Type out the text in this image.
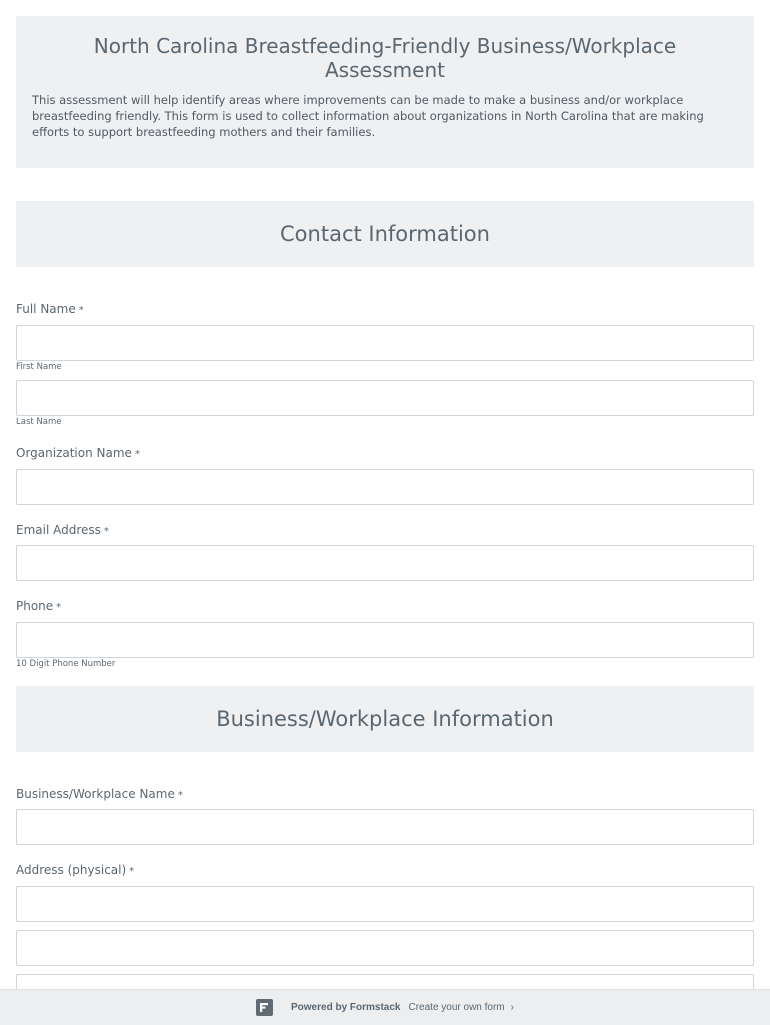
North Carolina Breastfeeding-Friendly Business/Workplace Assessment

This assessment will help identify areas where improvements can be made to make a business and/or workplace breastfeeding friendly. This form is used to collect information about organizations in North Carolina that are making efforts to support breastfeeding mothers and their families.

Contact Information
Full Name *
First Name
Last Name
Organization Name *
Email Address *
Phone *
10 Digit Phone Number
Business/Workplace Information
Business/Workplace Name *
Address (physical) *
Powered by Formstack Create your own form ›
